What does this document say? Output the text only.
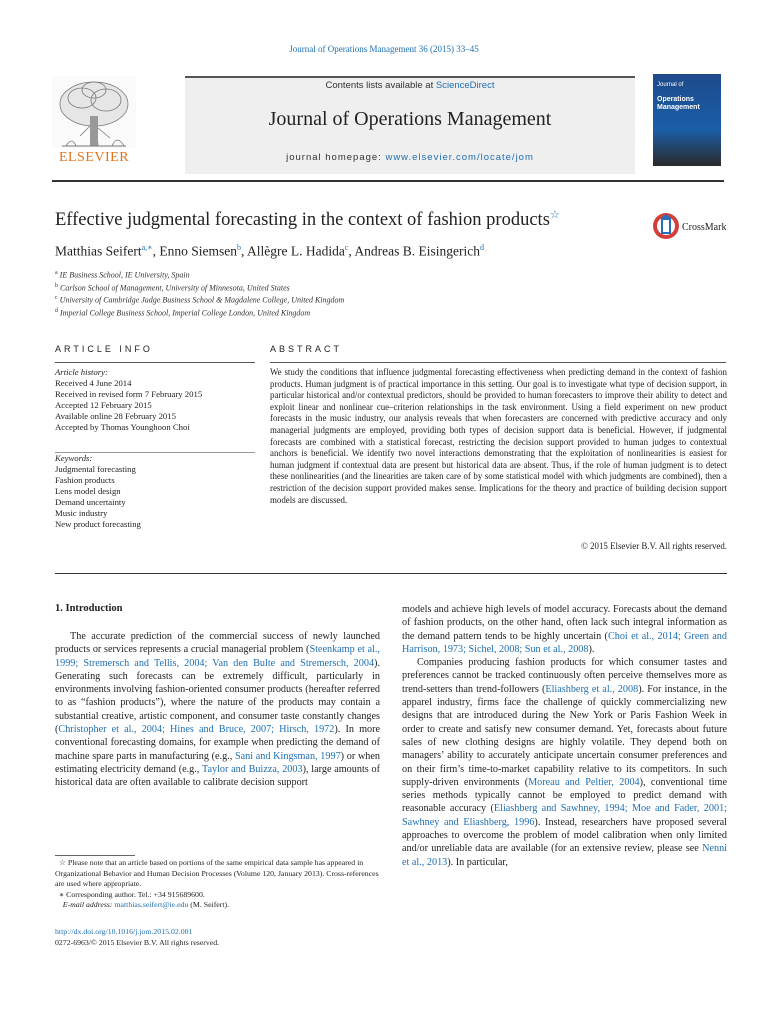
Journal of Operations Management 36 (2015) 33–45
Contents lists available at ScienceDirect
Journal of Operations Management
journal homepage: www.elsevier.com/locate/jom
ELSEVIER
Journal of
Operations Management
Effective judgmental forecasting in the context of fashion products☆
CrossMark
Matthias Seifert$^{a,∗}$, Enno Siemsen$^b$, Allègre L. Hadida$^c$, Andreas B. Eisingerich$^d$
$^a$ IE Business School, IE University, Spain
$^b$ Carlson School of Management, University of Minnesota, United States
$^c$ University of Cambridge Judge Business School & Magdalene College, United Kingdom
$^d$ Imperial College Business School, Imperial College London, United Kingdom
ARTICLE INFO
Article history:
Received 4 June 2014
Received in revised form 7 February 2015
Accepted 12 February 2015
Available online 28 February 2015
Accepted by Thomas Younghoon Choi
Keywords:
Judgmental forecasting
Fashion products
Lens model design
Demand uncertainty
Music industry
New product forecasting
ABSTRACT
We study the conditions that influence judgmental forecasting effectiveness when predicting demand in the context of fashion products. Human judgment is of practical importance in this setting. Our goal is to investigate what type of decision support, in particular historical and/or contextual predictors, should be provided to human forecasters to improve their ability to detect and exploit linear and nonlinear cue–criterion relationships in the task environment. Using a field experiment on new product forecasts in the music industry, our analysis reveals that when forecasters are concerned with predictive accuracy and only managerial judgments are employed, providing both types of decision support data is beneficial. However, if judgmental forecasts are combined with a statistical forecast, restricting the decision support provided to human judges to contextual anchors is beneficial. We identify two novel interactions demonstrating that the exploitation of nonlinearities is easiest for human judgment if contextual data are present but historical data are absent. Thus, if the role of human judgment is to detect these nonlinearities (and the linearities are taken care of by some statistical model with which judgments are combined), then a restriction of the decision support provided makes sense. Implications for the theory and practice of building decision support models are discussed.
© 2015 Elsevier B.V. All rights reserved.
1. Introduction

The accurate prediction of the commercial success of newly launched products or services represents a crucial managerial problem (Steenkamp et al., 1999; Stremersch and Tellis, 2004; Van den Bulte and Stremersch, 2004). Generating such forecasts can be extremely difficult, particularly in environments involving fashion-oriented consumer products (hereafter referred to as “fashion products”), where the nature of the products may contain a substantial creative, artistic component, and consumer taste constantly changes (Christopher et al., 2004; Hines and Bruce, 2007; Hirsch, 1972). In more conventional forecasting domains, for example when predicting the demand of machine spare parts in manufacturing (e.g., Sani and Kingsman, 1997) or when estimating electricity demand (e.g., Taylor and Buizza, 2003), large amounts of historical data are often available to calibrate decision support

models and achieve high levels of model accuracy. Forecasts about the demand of fashion products, on the other hand, often lack such integral information as the demand pattern tends to be highly uncertain (Choi et al., 2014; Green and Harrison, 1973; Sichel, 2008; Sun et al., 2008).

Companies producing fashion products for which consumer tastes and preferences cannot be tracked continuously often perceive themselves more as trend-setters than trend-followers (Eliashberg et al., 2008). For instance, in the apparel industry, firms face the challenge of quickly commercializing new designs that are introduced during the New York or Paris Fashion Week in order to create and satisfy new consumer demand. Yet, forecasts about future sales of new clothing designs are highly volatile. They depend both on managers’ ability to accurately anticipate uncertain consumer preferences and on their firm’s time-to-market capability relative to its competitors. In such supply-driven environments (Moreau and Peltier, 2004), conventional time series methods typically cannot be employed to predict demand with reasonable accuracy (Eliashberg and Sawhney, 1994; Moe and Fader, 2001; Sawhney and Eliashberg, 1996). Instead, researchers have proposed several approaches to overcome the problem of model calibration when only limited and/or unreliable data are available (for an extensive review, please see Nenni et al., 2013). In particular,

☆ Please note that an article based on portions of the same empirical data sample has appeared in Organizational Behavior and Human Decision Processes (Volume 120, January 2013). Cross-references are used where appropriate.
∗ Corresponding author. Tel.: +34 915689600.
E-mail address: matthias.seifert@ie.edu (M. Seifert).
http://dx.doi.org/10.1016/j.jom.2015.02.001
0272-6963/© 2015 Elsevier B.V. All rights reserved.
